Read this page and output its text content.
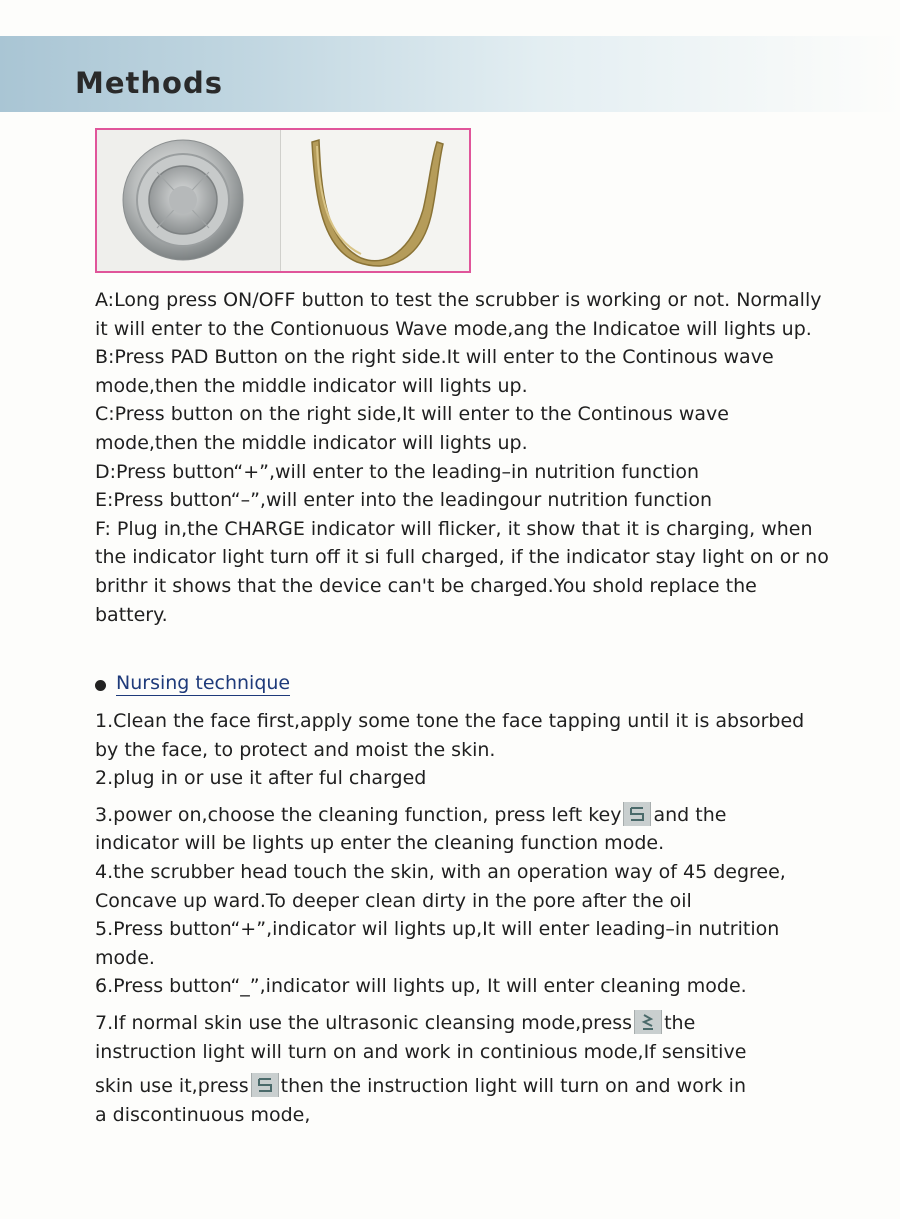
Methods
A:Long press ON/OFF button to test the scrubber is working or not. Normally it will enter to the Contionuous Wave mode,ang the Indicatoe will lights up.
B:Press PAD Button on the right side.It will enter to the Continous wave mode,then the middle indicator will lights up.
C:Press button on the right side,It will enter to the Continous wave mode,then the middle indicator will lights up.
D:Press button“+”,will enter to the leading–in nutrition function
E:Press button“–”,will enter into the leadingour nutrition function
F: Plug in,the CHARGE indicator will flicker, it show that it is charging, when the indicator light turn off it si full charged, if the indicator stay light on or no brithr it shows that the device can't be charged.You shold replace the battery.
Nursing technique
1.Clean the face first,apply some tone the face tapping until it is absorbed by the face, to protect and moist the skin.
2.plug in or use it after ful charged
3.power on,choose the cleaning function, press left key and the
indicator will be lights up enter the cleaning function mode.
4.the scrubber head touch the skin, with an operation way of 45 degree, Concave up ward.To deeper clean dirty in the pore after the oil
5.Press button“+”,indicator wil lights up,It will enter leading–in nutrition mode.
6.Press button“_”,indicator will lights up, It will enter cleaning mode.
7.If normal skin use the ultrasonic cleansing mode,press the
instruction light will turn on and work in continious mode,If sensitive
skin use it,press then the instruction light will turn on and work in
a discontinuous mode,
